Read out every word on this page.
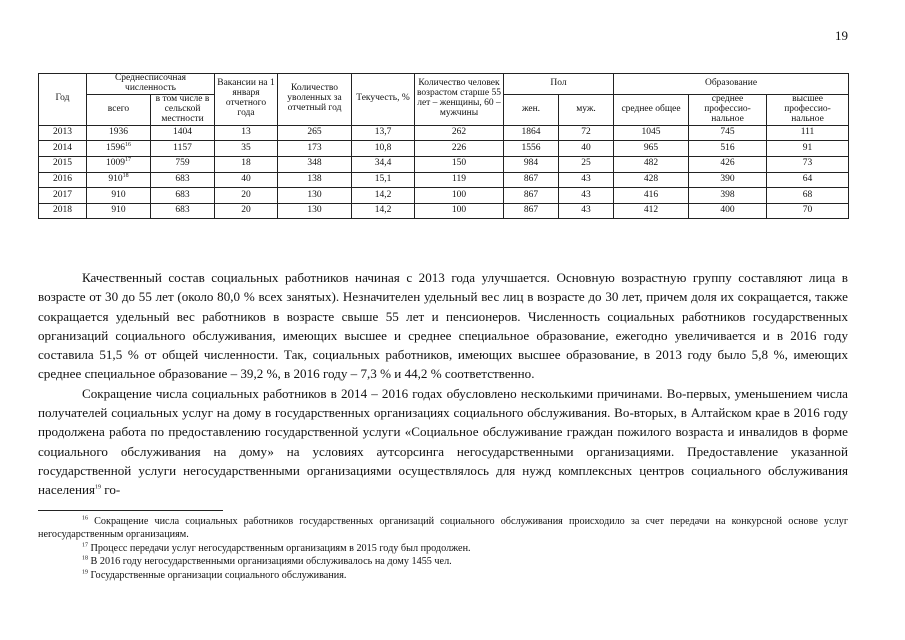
19
Год	Среднесписочная численность		Вакансии на 1 января отчетного года	Количество уволенных за отчетный год	Текучесть, %	Количество человек возрастом старше 55 лет – женщины, 60 – мужчины	Пол		Образование		
	всего	в том числе в сельской местности					жен.	муж.	среднее общее	среднее профессио-нальное	высшее профессио-нальное
2013	1936	1404	13	265	13,7	262	1864	72	1045	745	111
2014	1596$^{16}$	1157	35	173	10,8	226	1556	40	965	516	91
2015	1009$^{17}$	759	18	348	34,4	150	984	25	482	426	73
2016	$910^{18}$	683	40	138	15,1	119	867	43	428	390	64
2017	910	683	20	130	14,2	100	867	43	416	398	68
2018	910	683	20	130	14,2	100	867	43	412	400	70

Качественный состав социальных работников начиная с 2013 года улучшается. Основную возрастную группу составляют лица в возрасте от 30 до 55 лет (около 80,0 % всех занятых). Незначителен удельный вес лиц в возрасте до 30 лет, причем доля их сокращается, также сокращается удельный вес работников в возрасте свыше 55 лет и пенсионеров. Численность социальных работников государственных организаций социального обслуживания, имеющих высшее и среднее специальное образование, ежегодно увеличивается и в 2016 году составила 51,5 % от общей численности. Так, социальных работников, имеющих высшее образование, в 2013 году было 5,8 %, имеющих среднее специальное образование – 39,2 %, в 2016 году – 7,3 % и 44,2 % соответственно.

Сокращение числа социальных работников в 2014 – 2016 годах обусловлено несколькими причинами. Во-первых, уменьшением числа получателей социальных услуг на дому в государственных организациях социального обслуживания. Во-вторых, в Алтайском крае в 2016 году продолжена работа по предоставлению государственной услуги «Социальное обслуживание граждан пожилого возраста и инвалидов в форме социального обслуживания на дому» на условиях аутсорсинга негосударственными организациями. Предоставление указанной государственной услуги негосударственными организациями осуществлялось для нужд комплексных центров социального обслуживания населения$^{19}$ го-

$^{16}$ Сокращение числа социальных работников государственных организаций социального обслуживания происходило за счет передачи на конкурсной основе услуг негосударственным организациям.

$^{17}$ Процесс передачи услуг негосударственным организациям в 2015 году был продолжен.

$^{18}$ В 2016 году негосударственными организациями обслуживалось на дому 1455 чел.

$^{19}$ Государственные организации социального обслуживания.
